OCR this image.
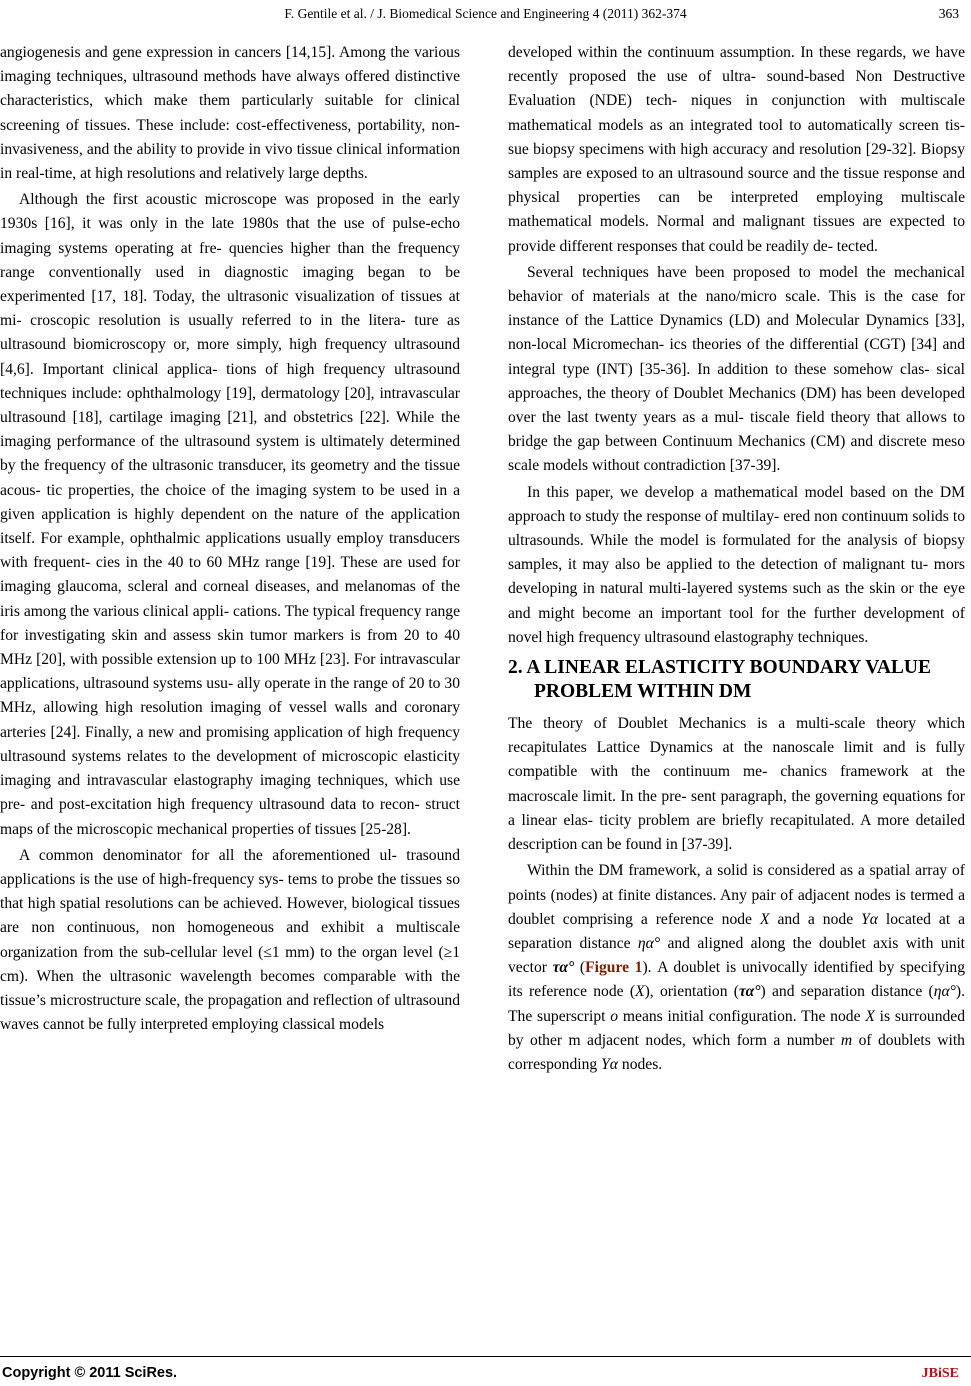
F. Gentile et al. / J. Biomedical Science and Engineering 4 (2011) 362-374	363

angiogenesis and gene expression in cancers [14,15]. Among the various imaging techniques, ultrasound methods have always offered distinctive characteristics, which make them particularly suitable for clinical screening of tissues. These include: cost-effectiveness, portability, non-invasiveness, and the ability to provide in vivo tissue clinical information in real-time, at high resolutions and relatively large depths.

Although the first acoustic microscope was proposed in the early 1930s [16], it was only in the late 1980s that the use of pulse-echo imaging systems operating at fre- quencies higher than the frequency range conventionally used in diagnostic imaging began to be experimented [17, 18]. Today, the ultrasonic visualization of tissues at mi- croscopic resolution is usually referred to in the litera- ture as ultrasound biomicroscopy or, more simply, high frequency ultrasound [4,6]. Important clinical applica- tions of high frequency ultrasound techniques include: ophthalmology [19], dermatology [20], intravascular ultrasound [18], cartilage imaging [21], and obstetrics [22]. While the imaging performance of the ultrasound system is ultimately determined by the frequency of the ultrasonic transducer, its geometry and the tissue acous- tic properties, the choice of the imaging system to be used in a given application is highly dependent on the nature of the application itself. For example, ophthalmic applications usually employ transducers with frequent- cies in the 40 to 60 MHz range [19]. These are used for imaging glaucoma, scleral and corneal diseases, and melanomas of the iris among the various clinical appli- cations. The typical frequency range for investigating skin and assess skin tumor markers is from 20 to 40 MHz [20], with possible extension up to 100 MHz [23]. For intravascular applications, ultrasound systems usu- ally operate in the range of 20 to 30 MHz, allowing high resolution imaging of vessel walls and coronary arteries [24]. Finally, a new and promising application of high frequency ultrasound systems relates to the development of microscopic elasticity imaging and intravascular elastography imaging techniques, which use pre- and post-excitation high frequency ultrasound data to recon- struct maps of the microscopic mechanical properties of tissues [25-28].

A common denominator for all the aforementioned ul- trasound applications is the use of high-frequency sys- tems to probe the tissues so that high spatial resolutions can be achieved. However, biological tissues are non continuous, non homogeneous and exhibit a multiscale organization from the sub-cellular level (≤1 mm) to the organ level (≥1 cm). When the ultrasonic wavelength becomes comparable with the tissue’s microstructure scale, the propagation and reflection of ultrasound waves cannot be fully interpreted employing classical models

developed within the continuum assumption. In these regards, we have recently proposed the use of ultra- sound-based Non Destructive Evaluation (NDE) tech- niques in conjunction with multiscale mathematical models as an integrated tool to automatically screen tis- sue biopsy specimens with high accuracy and resolution [29-32]. Biopsy samples are exposed to an ultrasound source and the tissue response and physical properties can be interpreted employing multiscale mathematical models. Normal and malignant tissues are expected to provide different responses that could be readily de- tected.

Several techniques have been proposed to model the mechanical behavior of materials at the nano/micro scale. This is the case for instance of the Lattice Dynamics (LD) and Molecular Dynamics [33], non-local Micromechan- ics theories of the differential (CGT) [34] and integral type (INT) [35-36]. In addition to these somehow clas- sical approaches, the theory of Doublet Mechanics (DM) has been developed over the last twenty years as a mul- tiscale field theory that allows to bridge the gap between Continuum Mechanics (CM) and discrete meso scale models without contradiction [37-39].

In this paper, we develop a mathematical model based on the DM approach to study the response of multilay- ered non continuum solids to ultrasounds. While the model is formulated for the analysis of biopsy samples, it may also be applied to the detection of malignant tu- mors developing in natural multi-layered systems such as the skin or the eye and might become an important tool for the further development of novel high frequency ultrasound elastography techniques.

2. A LINEAR ELASTICITY BOUNDARY VALUE PROBLEM WITHIN DM

The theory of Doublet Mechanics is a multi-scale theory which recapitulates Lattice Dynamics at the nanoscale limit and is fully compatible with the continuum me- chanics framework at the macroscale limit. In the pre- sent paragraph, the governing equations for a linear elas- ticity problem are briefly recapitulated. A more detailed description can be found in [37-39].

Within the DM framework, a solid is considered as a spatial array of points (nodes) at finite distances. Any pair of adjacent nodes is termed a doublet comprising a reference node X and a node Yα located at a separation distance ηα° and aligned along the doublet axis with unit vector τα° (Figure 1). A doublet is univocally identified by specifying its reference node (X), orientation (τα°) and separation distance (ηα°). The superscript o means initial configuration. The node X is surrounded by other m adjacent nodes, which form a number m of doublets with corresponding Yα nodes.

Copyright © 2011 SciRes.	JBiSE
